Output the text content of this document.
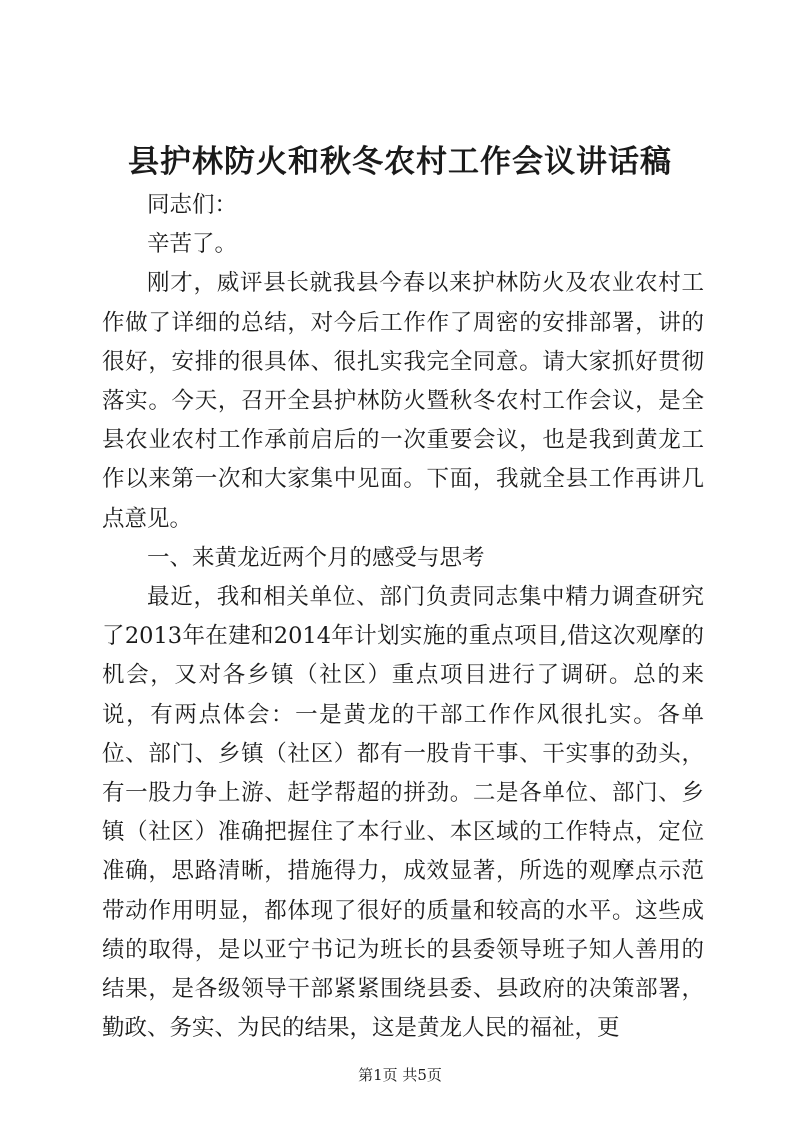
县护林防火和秋冬农村工作会议讲话稿

同志们：

辛苦了。

刚才，威评县长就我县今春以来护林防火及农业农村工作做了详细的总结，对今后工作作了周密的安排部署，讲的很好，安排的很具体、很扎实我完全同意。请大家抓好贯彻落实。今天，召开全县护林防火暨秋冬农村工作会议，是全县农业农村工作承前启后的一次重要会议，也是我到黄龙工作以来第一次和大家集中见面。下面，我就全县工作再讲几点意见。

一、来黄龙近两个月的感受与思考

最近，我和相关单位、部门负责同志集中精力调查研究了2013年在建和2014年计划实施的重点项目,借这次观摩的机会，又对各乡镇（社区）重点项目进行了调研。总的来说，有两点体会：一是黄龙的干部工作作风很扎实。各单位、部门、乡镇（社区）都有一股肯干事、干实事的劲头，有一股力争上游、赶学帮超的拼劲。二是各单位、部门、乡镇（社区）准确把握住了本行业、本区域的工作特点，定位准确，思路清晰，措施得力，成效显著，所选的观摩点示范带动作用明显，都体现了很好的质量和较高的水平。这些成绩的取得，是以亚宁书记为班长的县委领导班子知人善用的结果，是各级领导干部紧紧围绕县委、县政府的决策部署，勤政、务实、为民的结果，这是黄龙人民的福祉，更

第1页 共5页
